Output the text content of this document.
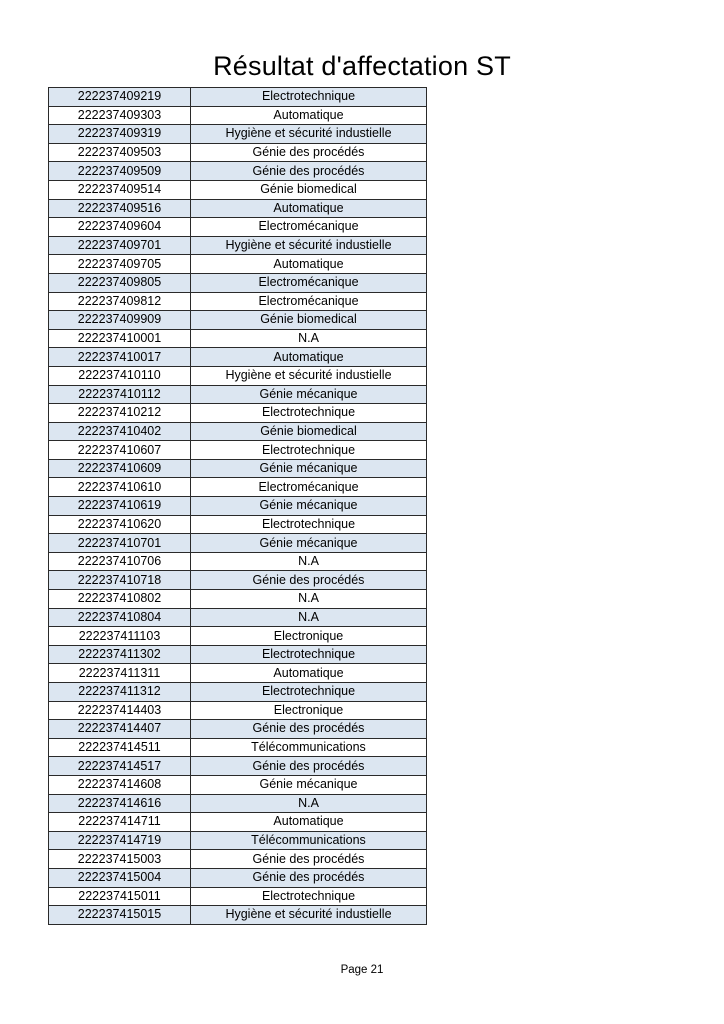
Résultat d'affectation ST
222237409219	Electrotechnique
222237409303	Automatique
222237409319	Hygiène et sécurité industielle
222237409503	Génie des procédés
222237409509	Génie des procédés
222237409514	Génie biomedical
222237409516	Automatique
222237409604	Electromécanique
222237409701	Hygiène et sécurité industielle
222237409705	Automatique
222237409805	Electromécanique
222237409812	Electromécanique
222237409909	Génie biomedical
222237410001	N.A
222237410017	Automatique
222237410110	Hygiène et sécurité industielle
222237410112	Génie mécanique
222237410212	Electrotechnique
222237410402	Génie biomedical
222237410607	Electrotechnique
222237410609	Génie mécanique
222237410610	Electromécanique
222237410619	Génie mécanique
222237410620	Electrotechnique
222237410701	Génie mécanique
222237410706	N.A
222237410718	Génie des procédés
222237410802	N.A
222237410804	N.A
222237411103	Electronique
222237411302	Electrotechnique
222237411311	Automatique
222237411312	Electrotechnique
222237414403	Electronique
222237414407	Génie des procédés
222237414511	Télécommunications
222237414517	Génie des procédés
222237414608	Génie mécanique
222237414616	N.A
222237414711	Automatique
222237414719	Télécommunications
222237415003	Génie des procédés
222237415004	Génie des procédés
222237415011	Electrotechnique
222237415015	Hygiène et sécurité industielle
Page 21
